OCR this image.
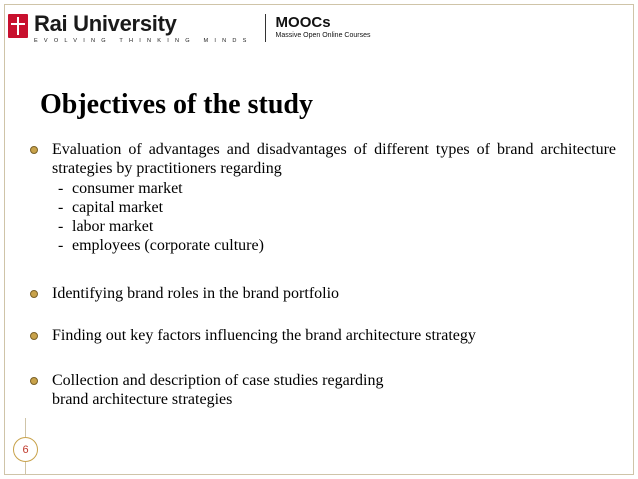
Rai University
EVOLVING THINKING MINDS
MOOCs
Massive Open Online Courses
Objectives of the study

Evaluation of advantages and disadvantages of different types of brand architecture strategies by practitioners regarding

- consumer market
- capital market
- labor market
- employees (corporate culture)

Identifying brand roles in the brand portfolio

Finding out key factors influencing the brand architecture strategy

Collection and description of case studies regarding brand architecture strategies

6
